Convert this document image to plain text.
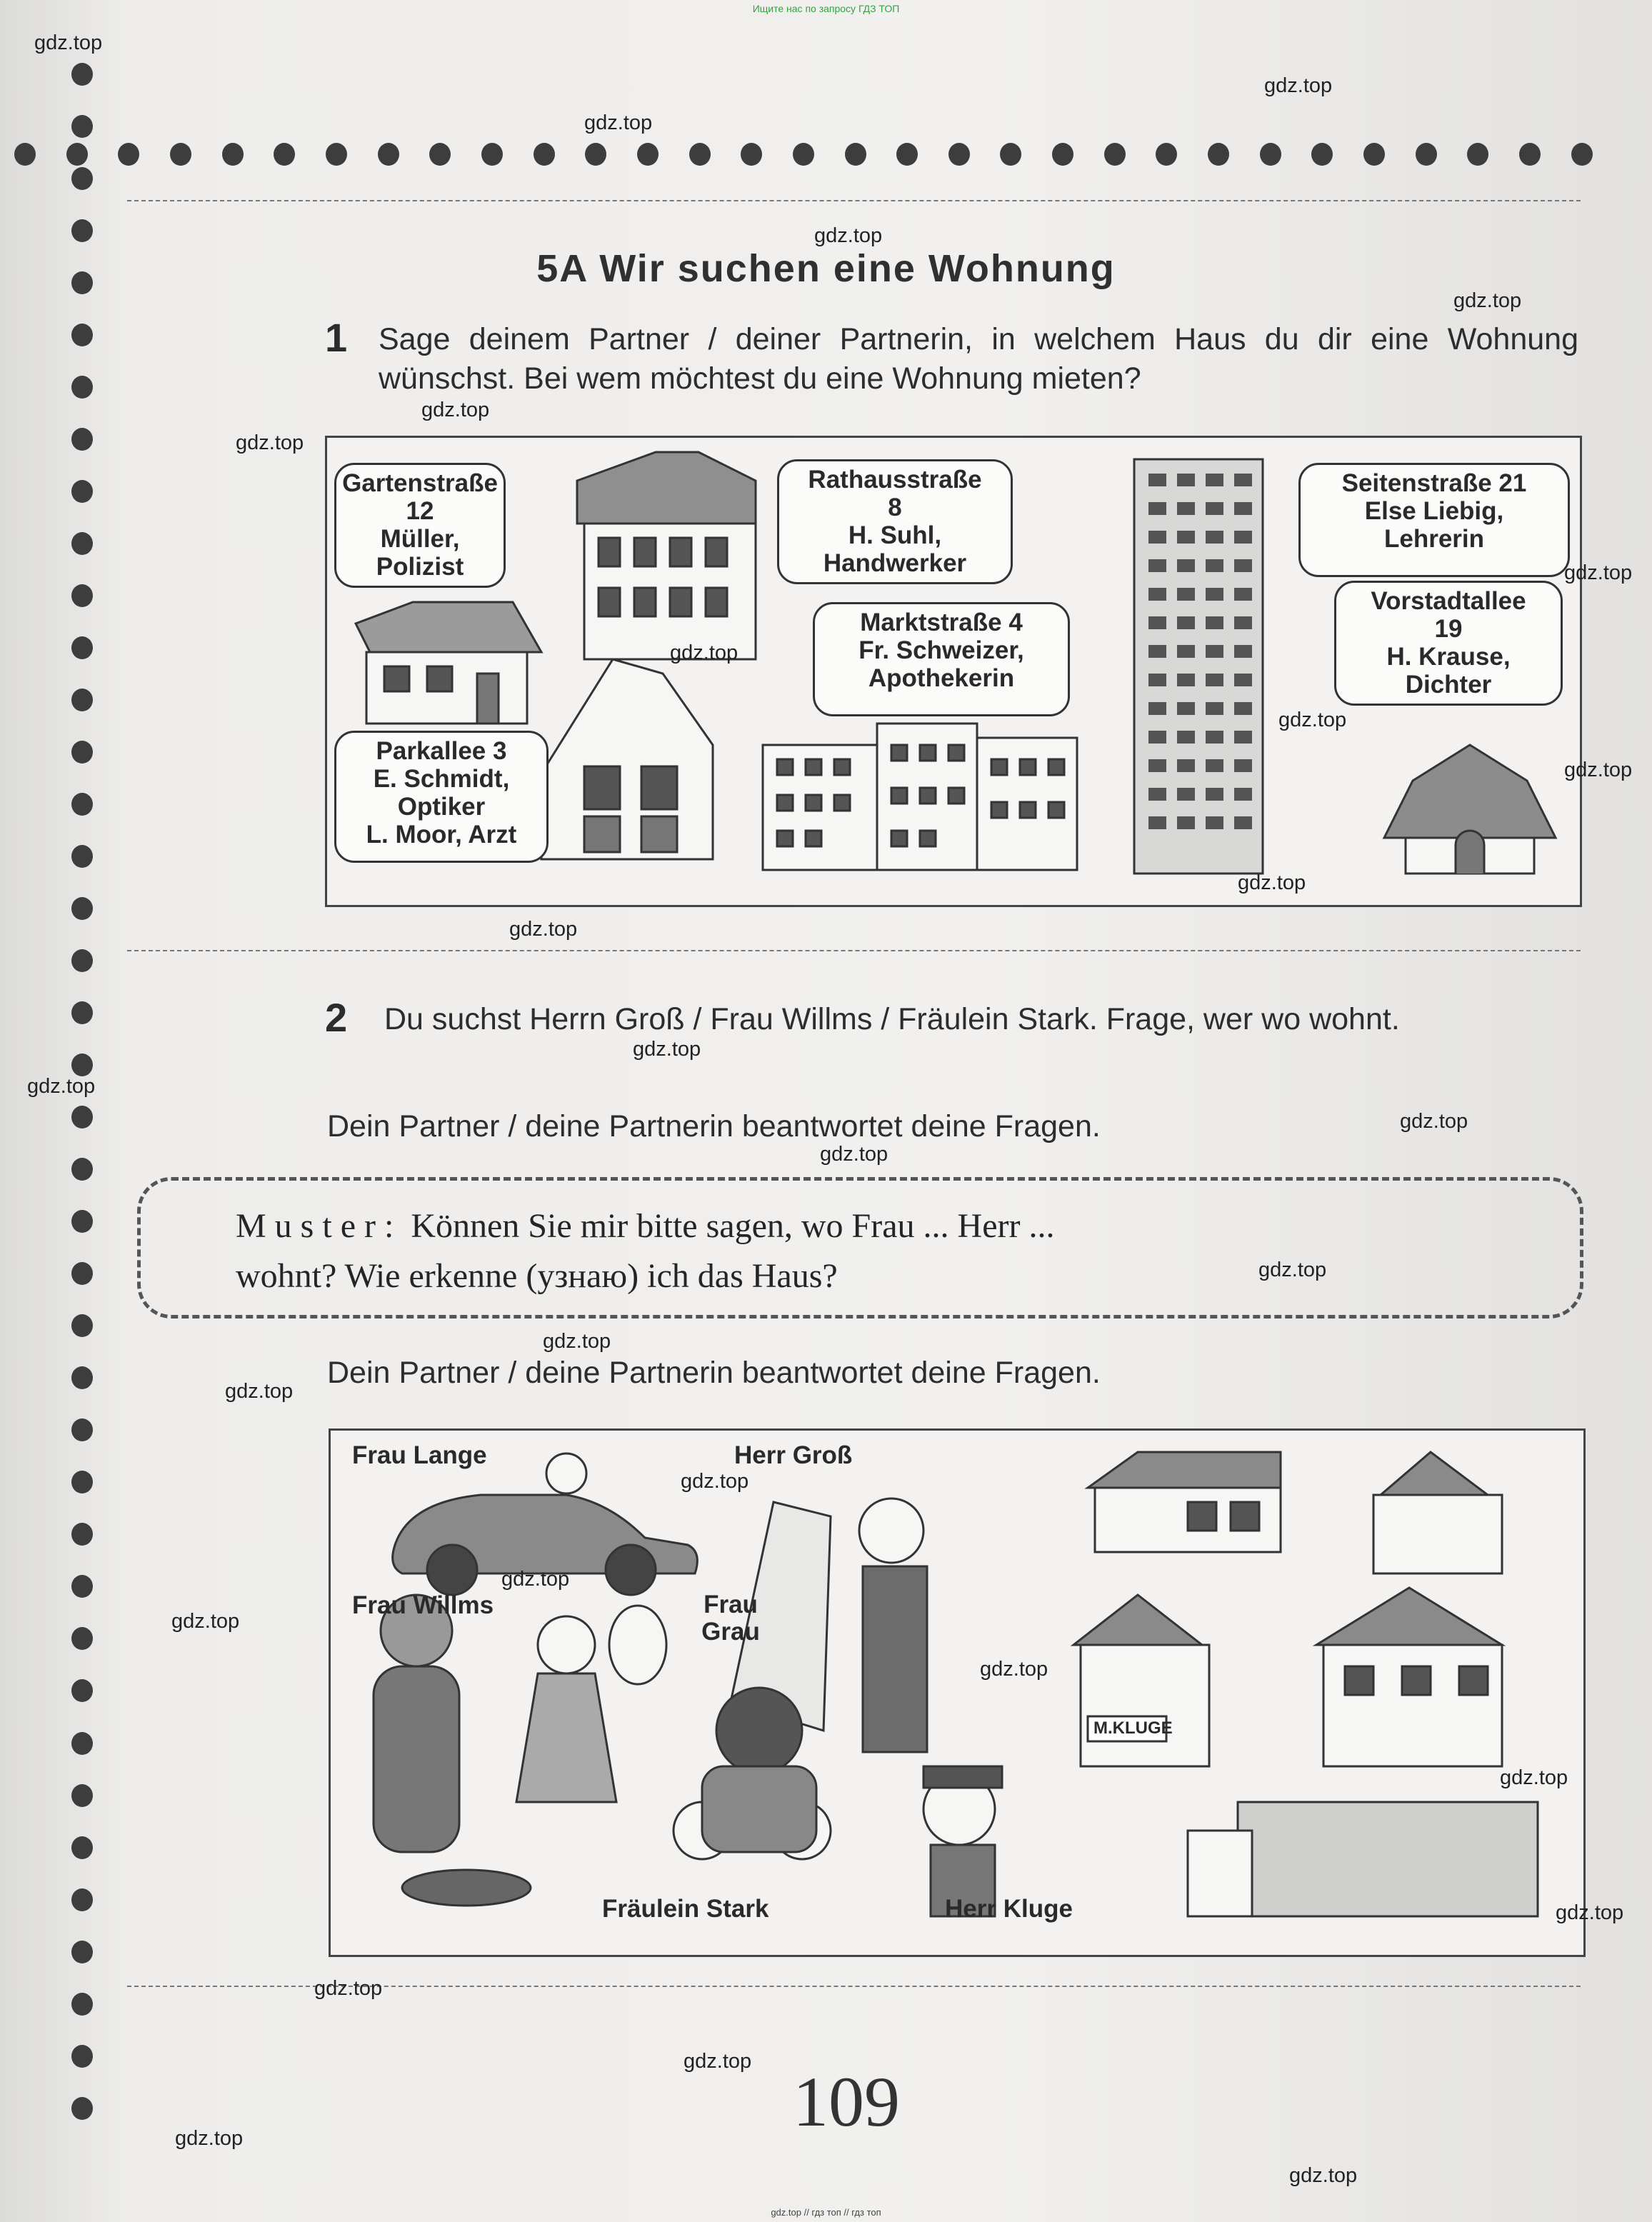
Ищите нас по запросу ГДЗ ТОП
5A Wir suchen eine Wohnung
1 Sage deinem Partner / deiner Partnerin, in welchem Haus du dir eine Wohnung wünschst. Bei wem möchtest du eine Wohnung mieten?
Gartenstraße
12
Müller,
Polizist
Rathausstraße
8
H. Suhl,
Handwerker
Seitenstraße 21
Else Liebig,
Lehrerin
Marktstraße 4
Fr. Schweizer,
Apothekerin
Vorstadtallee
19
H. Krause,
Dichter
Parkallee 3
E. Schmidt,
Optiker
L. Moor, Arzt
2 Du suchst Herrn Groß / Frau Willms / Fräulein Stark. Frage, wer wo wohnt.
Dein Partner / deine Partnerin beantwortet deine Fragen.
Muster: Können Sie mir bitte sagen, wo Frau ... Herr ...
wohnt? Wie erkenne (узнаю) ich das Haus?
Dein Partner / deine Partnerin beantwortet deine Fragen.
Frau Lange	Herr Groß
Frau Willms	Frau Grau
Fräulein Stark	Herr Kluge
M.KLUGE
109
gdz.top
gdz.top
gdz.top
gdz.top
gdz.top
gdz.top
gdz.top
gdz.top
gdz.top
gdz.top
gdz.top
gdz.top
gdz.top
gdz.top
gdz.top
gdz.top
gdz.top
gdz.top
gdz.top
gdz.top
gdz.top
gdz.top
gdz.top
gdz.top
gdz.top
gdz.top
gdz.top
gdz.top
gdz.top
gdz.top
gdz.top // гдз топ // гдз топ
